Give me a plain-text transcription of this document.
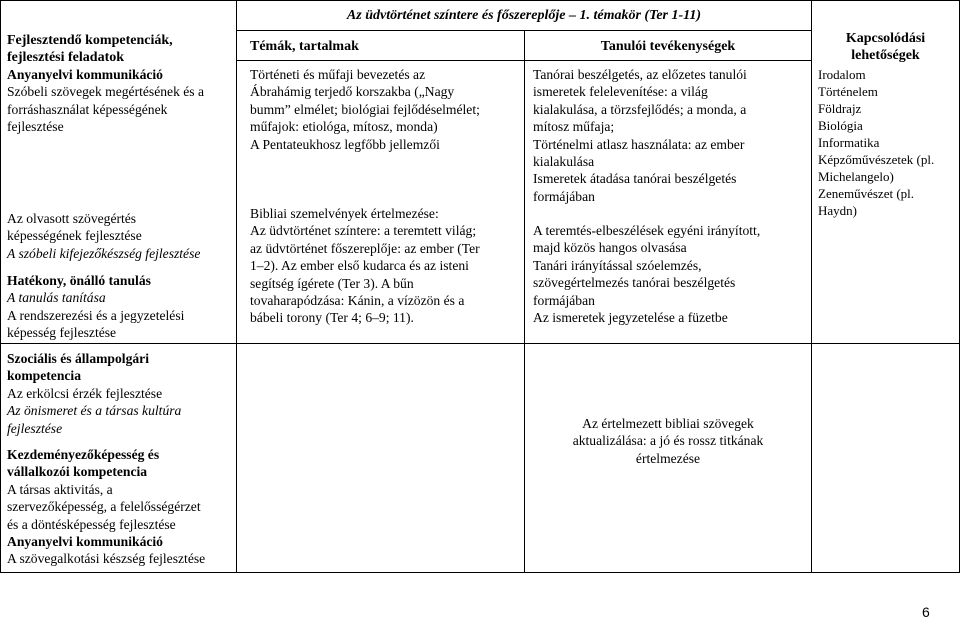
Fejlesztendő kompetenciák,

fejlesztési feladatok

Anyanyelvi kommunikáció

Szóbeli szövegek megértésének és a

forráshasználat képességének

fejlesztése

Az olvasott szövegértés

képességének fejlesztése

A szóbeli kifejezőkészség fejlesztése

Hatékony, önálló tanulás

A tanulás tanítása

A rendszerezési és a jegyzetelési

képesség fejlesztése

Szociális és állampolgári

kompetencia

Az erkölcsi érzék fejlesztése

Az önismeret és a társas kultúra

fejlesztése

Kezdeményezőképesség és

vállalkozói kompetencia

A társas aktivitás, a

szervezőképesség, a felelősségérzet

és a döntésképesség fejlesztése

Anyanyelvi kommunikáció

A szövegalkotási készség fejlesztése

Az üdvtörténet színtere és főszereplője – 1. témakör (Ter 1-11)
Témák, tartalmak

Történeti és műfaji bevezetés az

Ábrahámig terjedő korszakba („Nagy

bumm” elmélet; biológiai fejlődéselmélet;

műfajok: etiológa, mítosz, monda)

A Pentateukhosz legfőbb jellemzői

Bibliai szemelvények értelmezése:

Az üdvtörténet színtere: a teremtett világ;

az üdvtörténet főszereplője: az ember (Ter

1–2). Az ember első kudarca és az isteni

segítség ígérete (Ter 3). A bűn

tovaharapódzása: Kánin, a vízözön és a

bábeli torony (Ter 4; 6–9; 11).

Tanulói tevékenységek

Tanórai beszélgetés, az előzetes tanulói

ismeretek felelevenítése: a világ

kialakulása, a törzsfejlődés; a monda, a

mítosz műfaja;

Történelmi atlasz használata: az ember

kialakulása

Ismeretek átadása tanórai beszélgetés

formájában

A teremtés-elbeszélések egyéni irányított,

majd közös hangos olvasása

Tanári irányítással szóelemzés,

szövegértelmezés tanórai beszélgetés

formájában

Az ismeretek jegyzetelése a füzetbe

Az értelmezett bibliai szövegek

aktualizálása: a jó és rossz titkának

értelmezése

Kapcsolódási

lehetőségek

Irodalom

Történelem

Földrajz

Biológia

Informatika

Képzőművészetek (pl.

Michelangelo)

Zeneművészet (pl.

Haydn)

6
